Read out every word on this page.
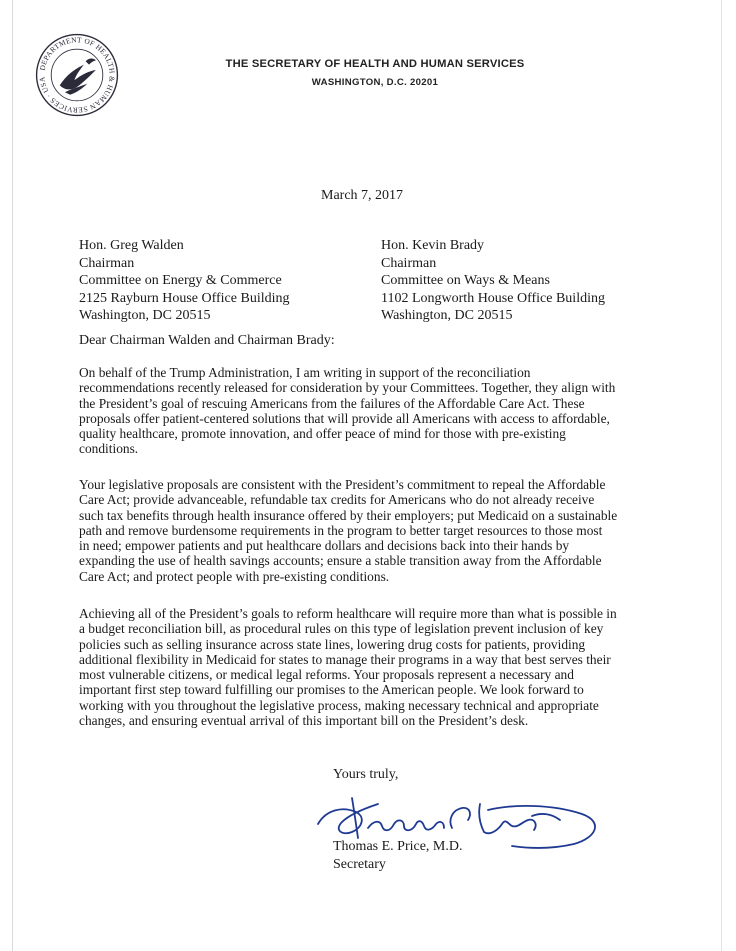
DEPARTMENT OF HEALTH & HUMAN SERVICES · USA
THE SECRETARY OF HEALTH AND HUMAN SERVICES
WASHINGTON, D.C. 20201
March 7, 2017
Hon. Greg Walden
Chairman
Committee on Energy & Commerce
2125 Rayburn House Office Building
Washington, DC 20515
Hon. Kevin Brady
Chairman
Committee on Ways & Means
1102 Longworth House Office Building
Washington, DC 20515
Dear Chairman Walden and Chairman Brady:
On behalf of the Trump Administration, I am writing in support of the reconciliation
recommendations recently released for consideration by your Committees. Together, they align with
the President’s goal of rescuing Americans from the failures of the Affordable Care Act. These
proposals offer patient-centered solutions that will provide all Americans with access to affordable,
quality healthcare, promote innovation, and offer peace of mind for those with pre-existing
conditions.
Your legislative proposals are consistent with the President’s commitment to repeal the Affordable
Care Act; provide advanceable, refundable tax credits for Americans who do not already receive
such tax benefits through health insurance offered by their employers; put Medicaid on a sustainable
path and remove burdensome requirements in the program to better target resources to those most
in need; empower patients and put healthcare dollars and decisions back into their hands by
expanding the use of health savings accounts; ensure a stable transition away from the Affordable
Care Act; and protect people with pre-existing conditions.
Achieving all of the President’s goals to reform healthcare will require more than what is possible in
a budget reconciliation bill, as procedural rules on this type of legislation prevent inclusion of key
policies such as selling insurance across state lines, lowering drug costs for patients, providing
additional flexibility in Medicaid for states to manage their programs in a way that best serves their
most vulnerable citizens, or medical legal reforms. Your proposals represent a necessary and
important first step toward fulfilling our promises to the American people. We look forward to
working with you throughout the legislative process, making necessary technical and appropriate
changes, and ensuring eventual arrival of this important bill on the President’s desk.
Yours truly,
Thomas E. Price, M.D.
Secretary
